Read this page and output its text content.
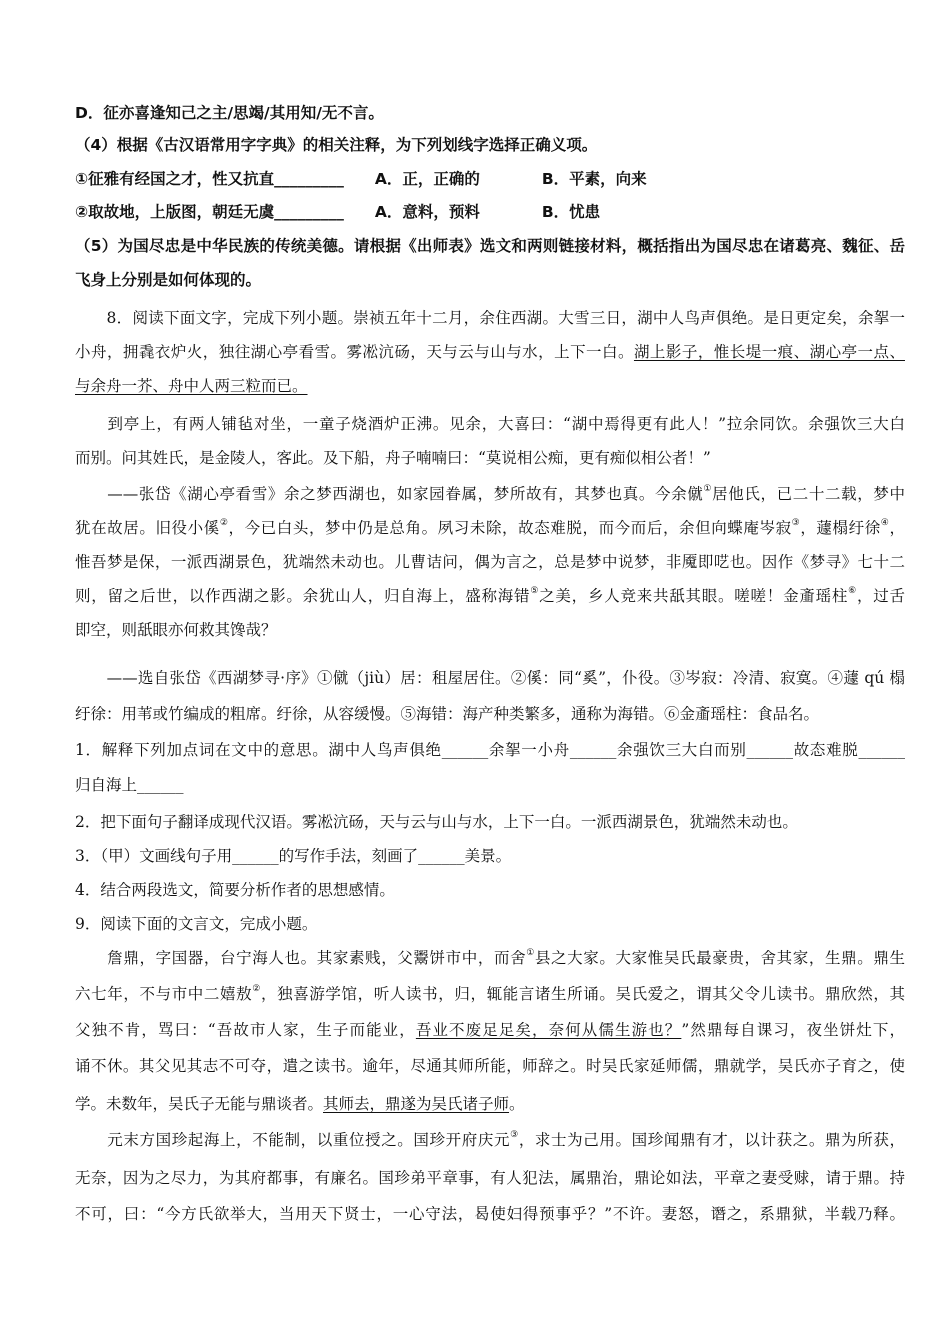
D．征亦喜逢知己之主/思竭/其用知/无不言。
（4）根据《古汉语常用字字典》的相关注释，为下列划线字选择正确义项。
①征雅有经国之才，性又抗直_________　　A．正，正确的　　　　B．平素，向来
②取故地，上版图，朝廷无虞_________　　A．意料，预料　　　　B．忧患
（5）为国尽忠是中华民族的传统美德。请根据《出师表》选文和两则链接材料，概括指出为国尽忠在诸葛亮、魏征、岳
飞身上分别是如何体现的。
　　8．阅读下面文字，完成下列小题。崇祯五年十二月，余住西湖。大雪三日，湖中人鸟声俱绝。是日更定矣，余挐一
小舟，拥毳衣炉火，独往湖心亭看雪。雾凇沆砀，天与云与山与水，上下一白。湖上影子，惟长堤一痕、湖心亭一点、
与余舟一芥、舟中人两三粒而已。
　　到亭上，有两人铺毡对坐，一童子烧酒炉正沸。见余，大喜曰：“湖中焉得更有此人！”拉余同饮。余强饮三大白
而别。问其姓氏，是金陵人，客此。及下船，舟子喃喃曰：“莫说相公痴，更有痴似相公者！”
　　——张岱《湖心亭看雪》余之梦西湖也，如家园眷属，梦所故有，其梦也真。今余僦①居他氏，已二十二载，梦中
犹在故居。旧役小傒②，今已白头，梦中仍是总角。夙习未除，故态难脱，而今而后，余但向蝶庵岑寂③，蘧榻纡徐④，
惟吾梦是保，一派西湖景色，犹端然未动也。儿曹诘问，偶为言之，总是梦中说梦，非魇即呓也。因作《梦寻》七十二
则，留之后世，以作西湖之影。余犹山人，归自海上，盛称海错⑤之美，乡人竞来共舐其眼。嗟嗟！金齑瑶柱⑥，过舌
即空，则舐眼亦何救其馋哉？
　　——选自张岱《西湖梦寻·序》①僦（jiù）居：租屋居住。②傒：同“奚”，仆役。③岑寂：冷清、寂寞。④蘧 qú 榻
纡徐：用苇或竹编成的粗席。纡徐，从容缓慢。⑤海错：海产种类繁多，通称为海错。⑥金齑瑶柱：食品名。
1．解释下列加点词在文中的意思。湖中人鸟声俱绝______余挐一小舟______余强饮三大白而别______故态难脱______
归自海上______
2．把下面句子翻译成现代汉语。雾凇沆砀，天与云与山与水，上下一白。一派西湖景色，犹端然未动也。
3．（甲）文画线句子用______的写作手法，刻画了______美景。
4．结合两段选文，简要分析作者的思想感情。
9．阅读下面的文言文，完成小题。
　　詹鼎，字国器，台宁海人也。其家素贱，父鬻饼市中，而舍①县之大家。大家惟吴氏最豪贵，舍其家，生鼎。鼎生
六七年，不与市中二嬉敖②，独喜游学馆，听人读书，归，辄能言诸生所诵。吴氏爱之，谓其父令儿读书。鼎欣然，其
父独不肯，骂曰：“吾故市人家，生子而能业，吾业不废足足矣，奈何从儒生游也？”然鼎每自课习，夜坐饼灶下，
诵不休。其父见其志不可夺，遣之读书。逾年，尽通其师所能，师辞之。时吴氏家延师儒，鼎就学，吴氏亦子育之，使
学。未数年，吴氏子无能与鼎谈者。其师去，鼎遂为吴氏诸子师。
　　元末方国珍起海上，不能制，以重位授之。国珍开府庆元③，求士为己用。国珍闻鼎有才，以计获之。鼎为所获，
无奈，因为之尽力，为其府都事，有廉名。国珍弟平章事，有人犯法，属鼎治，鼎论如法，平章之妻受赇，请于鼎。持
不可，曰：“今方氏欲举大，当用天下贤士，一心守法，曷使妇得预事乎？”不许。妻怒，谮之，系鼎狱，半载乃释。
